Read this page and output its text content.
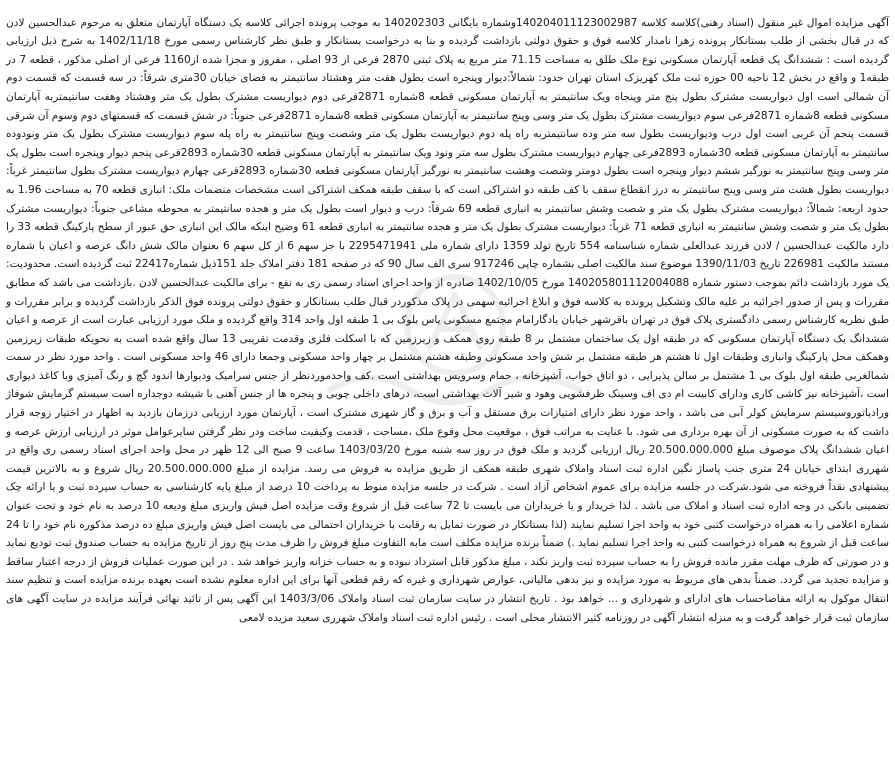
آگهی مزایده اموال غیر منقول (اسناد رهنی)کلاسه کلاسه 140204011123002987وشماره بایگانی 140202303 به موجب پرونده اجرائی کلاسه یک دستگاه آپارتمان متعلق به مرحوم عبدالحسین لادن که در قبال بخشی از طلب بستانکار پرونده زهرا نامدار کلاسه فوق و حقوق دولتی بازداشت گردیده و بنا به درخواست بستانکار و طبق نظر کارشناس رسمی مورخ 1402/11/18 به شرح ذیل ارزیابی گردیده است : ششدانگ یک قطعه آپارتمان مسکونی نوع ملک طلق به مساحت 71.15 متر مربع به پلاک ثبتی 2870 فرعی از 93 اصلی ، مفروز و مجزا شده از1160 فرعی از اصلی مذکور ، قطعه 7 در طبقه1 و واقع در بخش 12 ناحیه 00 حوزه ثبت ملک کهریزک استان تهران حدود: شمالاً:دیوار وپنجره است بطول هفت متر وهشتاد سانتیمتر به فضای خیابان 30متری شرقاً: در سه قسمت که قسمت دوم آن شمالی است اول دیواریست مشترک بطول پنج متر وپنجاه ویک سانتیمتر به آپارتمان مسکونی قطعه 8شماره 2871فرعی دوم دیواریست مشترک بطول یک متر وهشتاد وهفت سانتیمتربه آپارتمان مسکونی قطعه 8شماره 2871فرعی سوم دیواریست مشترک بطول یک متر وسی وپنج سانتیمتر به آپارتمان مسکونی قطعه 8شماره 2871فرعی جنوباً: در شش قسمت که قسمتهای دوم وسوم آن شرقی قسمت پنجم آن غربی است اول درب ودیواریست بطول سه متر وده سانتیمتربه راه پله دوم دیواریست بطول یک متر وشصت وپنج سانتیمتر به راه پله سوم دیواریست مشترک بطول یک متر ونودوده سانتیمتر به آپارتمان مسکونی قطعه 30شماره 2893فرعی چهارم دیواریست مشترک بطول سه متر ونود ویک سانتیمتر به آپارتمان مسکونی قطعه 30شماره 2893فرعی پنجم دیوار وپنجره است بطول یک متر وسی وپنج سانتیمتر به نورگیر ششم دیوار وپنجره است بطول دومتر وشصت وهشت سانتیمتر به نورگیر آپارتمان مسکونی قطعه 30شماره 2893فرعی چهارم دیواریست مشترک بطول سانتیمتر غرباً: دیواریست بطول هشت متر وسی وپنج سانتیمتر به درز انقطاع سقف با کف طبقه دو اشتراکی است که با سقف طبقه همکف اشتراکی است مشخصات منضمات ملک: انباری قطعه 70 به مساحت 1.96 به حدود اربعه: شمالاً: دیواریست مشترک بطول یک متر و شصت وشش سانتیمتر به انباری قطعه 69 شرقاً: درب و دیوار است بطول یک متر و هجده سانتیمتر به محوطه مشاعی جنوباً: دیواریست مشترک بطول یک متر و شصت وشش سانتیمتر به انباری قطعه 71 غرباً: دیواریست مشترک بطول یک متر و هجده سانتیمتر به انباری قطعه 61 وضیح اینکه مالک این انباری حق عبور از سطح پارکینگ قطعه 33 را دارد مالکیت عبدالحسین / لادن فرزند عبدالعلی شماره شناسنامه 554 تاریخ تولد 1359 دارای شماره ملی 2295471941 با جز سهم 6 از کل سهم 6 بعنوان مالک شش دانگ عرصه و اعیان با شماره مستند مالکیت 226981 تاریخ 1390/11/03 موضوع سند مالکیت اصلی بشماره چاپی 917246 سری الف سال 90 که در صفحه 181 دفتر املاک جلد 151ذیل شماره22417 ثبت گردیده است. محدودیت: یک مورد بازداشت دائم بموجب دستور شماره 140205801112004088 مورخ 1402/10/05 صادره از واحد اجرای اسناد رسمی ری به نفع - برای مالکیت عبدالحسین لادن .بازداشت می باشد که مطابق مقررات و پس از صدور اجرائیه بر علیه مالک وتشکیل پرونده به کلاسه فوق و ابلاغ اجرائیه سهمی در پلاک مذکوردر قبال طلب بستانکار و حقوق دولتی پرونده فوق الذکر بازداشت گردیده و برابر مقررات و طبق نظریه کارشناس رسمی دادگستری پلاک فوق در تهران باقرشهر خیابان یادگارامام مجتمع مسکونی یاس بلوک بی 1 طبقه اول واحد 314 واقع گردیده و ملک مورد ارزیابی عبارت است از عرصه و اعیان ششدانگ یک دستگاه آپارتمان مسکونی که در طبقه اول یک ساختمان مشتمل بر 8 طبقه روی همکف و زیرزمین که با اسکلت فلزی وقدمت تقریبی 13 سال واقع شده است به نحویکه طبقات زیرزمین وهمکف محل پارکینگ وانباری وطبقات اول تا هشتم هر طبقه مشتمل بر شش واحد مسکونی وطبقه هشتم مشتمل بر چهار واحد مسکونی وجمعا دارای 46 واحد مسکونی است . واحد مورد نظر در سمت شمالغربی طبقه اول بلوک بی 1 مشتمل بر سالن پذیرایی ، دو اتاق خواب، آشپزخانه ، حمام وسرویس بهداشتی است .کف واحدموردنظر از جنس سرامیک ودیوارها اندود گچ و رنگ آمیزی وبا کاغذ دیواری است ،آشپزخانه نیز کاشی کاری ودارای کابینت ام دی اف وسینک ظرفشویی وهود و شیر آلات بهداشتی است، درهای داخلی چوبی و پنجره ها از جنس آهنی با شیشه دوجداره است سیستم گرمایش شوفاژ ورادیاتوروسیستم سرمایش کولر آبی می باشد ، واحد مورد نظر دارای امتیازات برق مستقل و آب و برق و گاز شهری مشترک است ، آپارتمان مورد ارزیابی درزمان بازدید به اظهار در اختیار زوجه قرار داشت که به صورت مسکونی از آن بهره برداری می شود. با عنایت به مراتب فوق ، موقعیت محل وقوع ملک ،مساحت ، قدمت وکیفیت ساخت ودر نظر گرفتن سایرعوامل موثر در ارزیابی ارزش عرصه و اعیان ششدانگ پلاک موصوف مبلغ 20.500.000.000 ریال ارزیابی گردید و ملک فوق در روز سه شنبه مورخ 1403/03/20 ساعت 9 صبح الی 12 ظهر در محل واحد اجرای اسناد رسمی ری واقع در شهرری ابتدای خیابان 24 متری جنب پاساژ نگین اداره ثبت اسناد واملاک شهری طبقه همکف از طریق مزایده به فروش می رسد. مزایده از مبلغ 20.500.000.000 ریال شروع و به بالاترین قیمت پیشنهادی نقداً فروخته می شود.شرکت در جلسه مزایده برای عموم اشخاص آزاد است . شرکت در جلسه مزایده منوط به پرداخت 10 درصد از مبلغ پایه کارشناسی به حساب سپرده ثبت و یا ارائه چک تضمینی بانکی در وجه اداره ثبت اسناد و املاک می باشد . لذا خریدار و یا خریداران می بایست تا 72 ساعت قبل از شروع وقت مزایده اصل فیش واریزی مبلغ ودیعه 10 درصد به نام خود و تحت عنوان شماره اعلامی را به همراه درخواست کتبی خود به واحد اجرا تسلیم نمایند (لذا بستانکار در صورت تمایل به رقابت با خریداران احتمالی می بایست اصل فیش واریزی مبلغ ده درصد مذکوره نام خود را تا 24 ساعت قبل از شروع به همراه درخواست کتبی به واحد اجرا تسلیم نماید .) ضمناً برنده مزایده مکلف است مابه التفاوت مبلغ فروش را ظرف مدت پنج روز از تاریخ مزایده به حساب صندوق ثبت تودیع نماید و در صورتی که ظرف مهلت مقرر مانده فروش را به حساب سپرده ثبت واریز نکند ، مبلغ مذکور قابل استرداد نبوده و به حساب خزانه واریز خواهد شد . در این صورت عملیات فروش از درجه اعتبار ساقط و مزایده تجدید می گردد. ضمناً بدهی های مربوط به مورد مزایده و نیز بدهی مالیاتی، عوارض شهرداری و غیره که رقم قطعی آنها برای این اداره معلوم نشده است بعهده برنده مزایده است و تنظیم سند انتقال موکول به ارائه مفاصاحساب های ادارای و شهرداری و ... خواهد بود . تاریخ انتشار در سایت سازمان ثبت اسناد واملاک 1403/3/06 این آگهی پس از تائید نهائی فرآیند مزایده در سایت آگهی های سازمان ثبت قرار خواهد گرفت و به منزله انتشار آگهی در روزنامه کثیر الانتشار محلی است . رئیس اداره ثبت اسناد واملاک شهرری سعید مزیده لامعی
